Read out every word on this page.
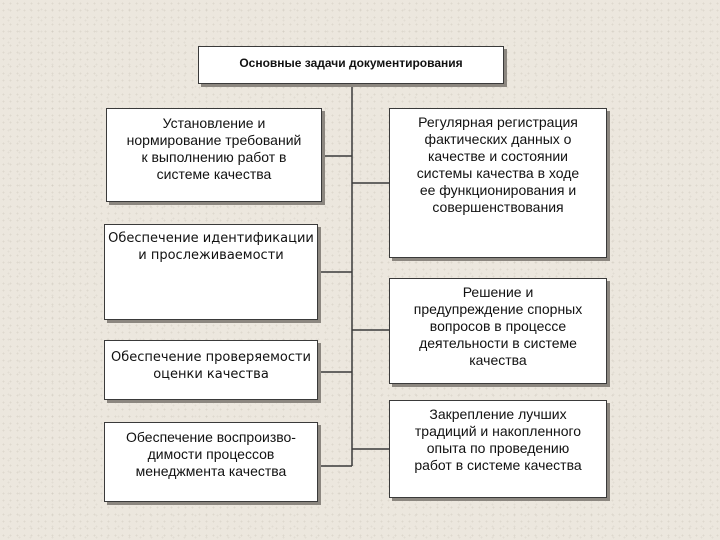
Основные задачи документирования
Установление и
нормирование требований
к выполнению работ в
системе качества
Обеспечение идентификации
и прослеживаемости
Обеспечение проверяемости
оценки качества
Обеспечение воспроизво-
димости процессов
менеджмента качества
Регулярная регистрация
фактических данных о
качестве и состоянии
системы качества в ходе
ее функционирования и
совершенствования
Решение и
предупреждение спорных
вопросов в процессе
деятельности в системе
качества
Закрепление лучших
традиций и накопленного
опыта по проведению
работ в системе качества
